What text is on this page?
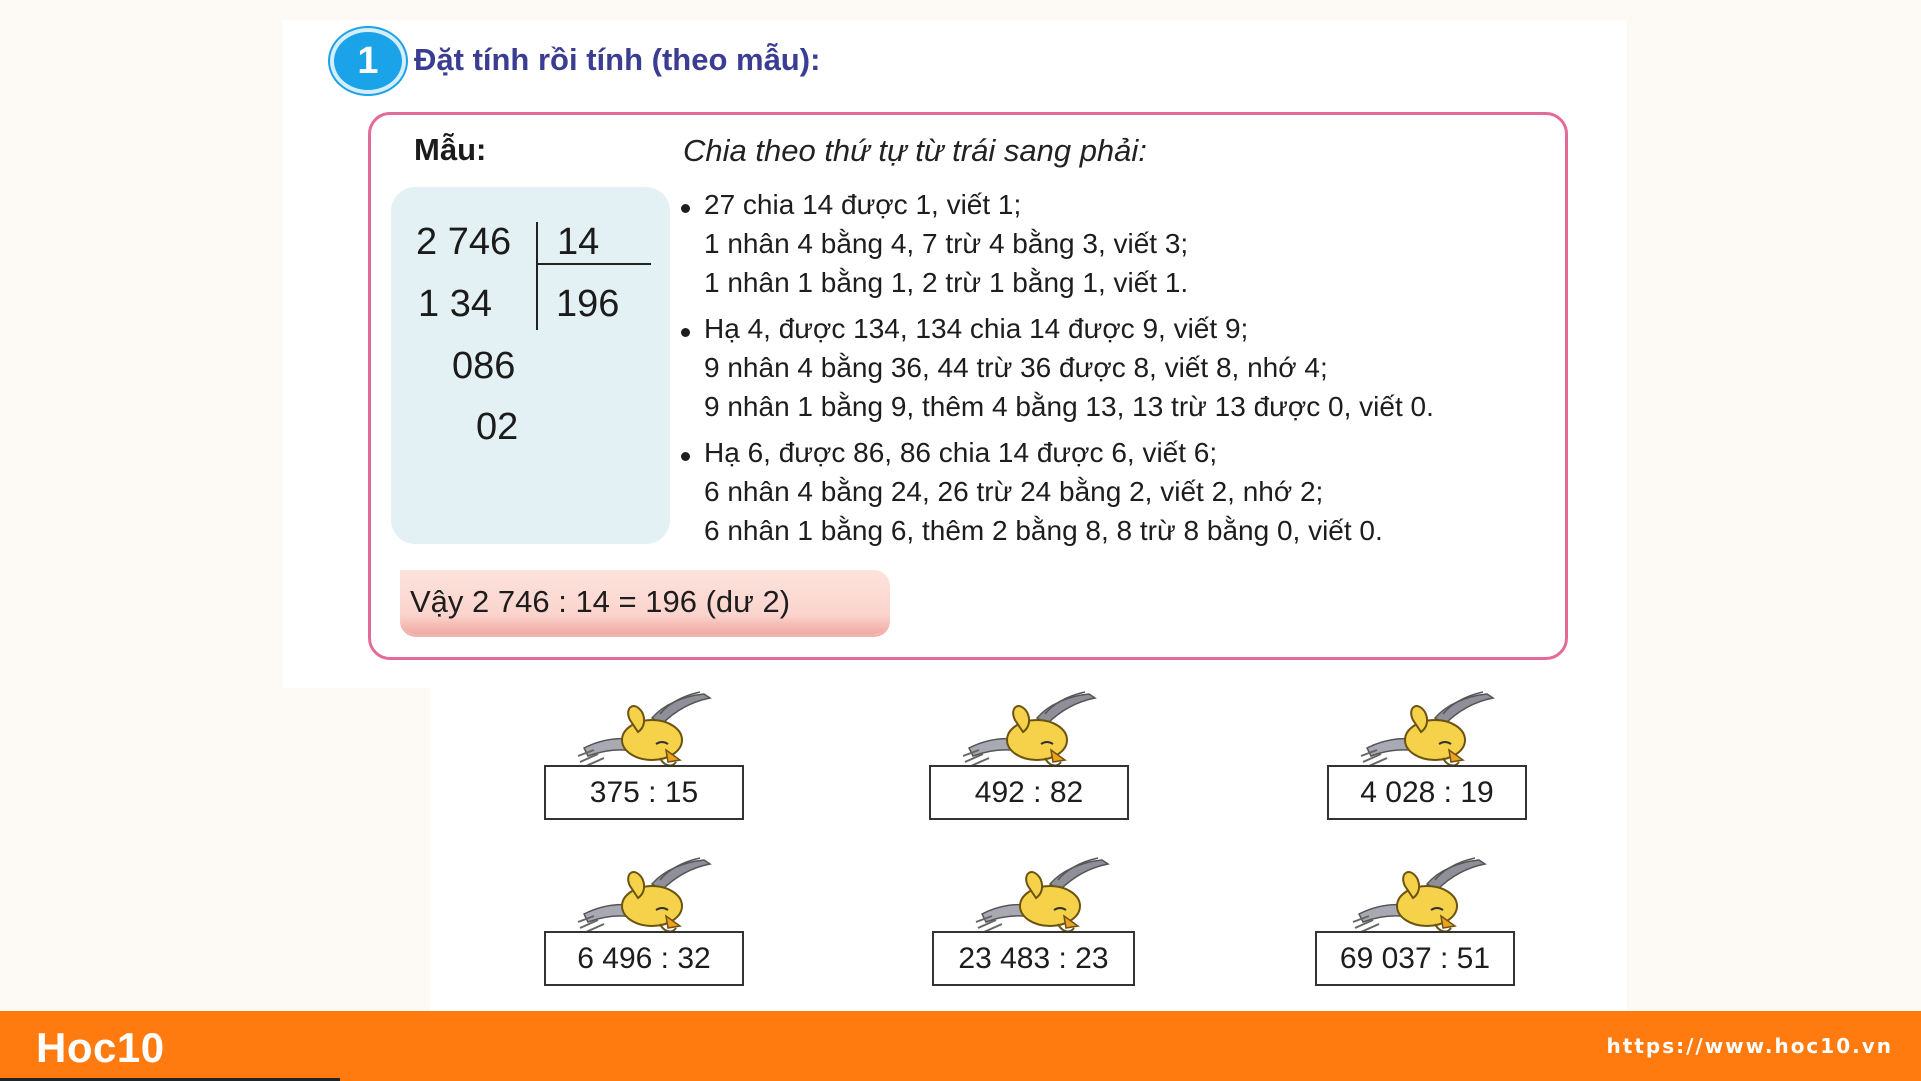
1	Đặt tính rồi tính (theo mẫu):
Mẫu:	Chia theo thứ tự từ trái sang phải:
2 746 14
1 34 196
086
02
27 chia 14 được 1, viết 1;
1 nhân 4 bằng 4, 7 trừ 4 bằng 3, viết 3;
1 nhân 1 bằng 1, 2 trừ 1 bằng 1, viết 1.
Hạ 4, được 134, 134 chia 14 được 9, viết 9;
9 nhân 4 bằng 36, 44 trừ 36 được 8, viết 8, nhớ 4;
9 nhân 1 bằng 9, thêm 4 bằng 13, 13 trừ 13 được 0, viết 0.
Hạ 6, được 86, 86 chia 14 được 6, viết 6;
6 nhân 4 bằng 24, 26 trừ 24 bằng 2, viết 2, nhớ 2;
6 nhân 1 bằng 6, thêm 2 bằng 8, 8 trừ 8 bằng 0, viết 0.
Vậy 2 746 : 14 = 196 (dư 2)
375 : 15	492 : 82	4 028 : 19
6 496 : 32	23 483 : 23	69 037 : 51
Hoc10	https://www.hoc10.vn
